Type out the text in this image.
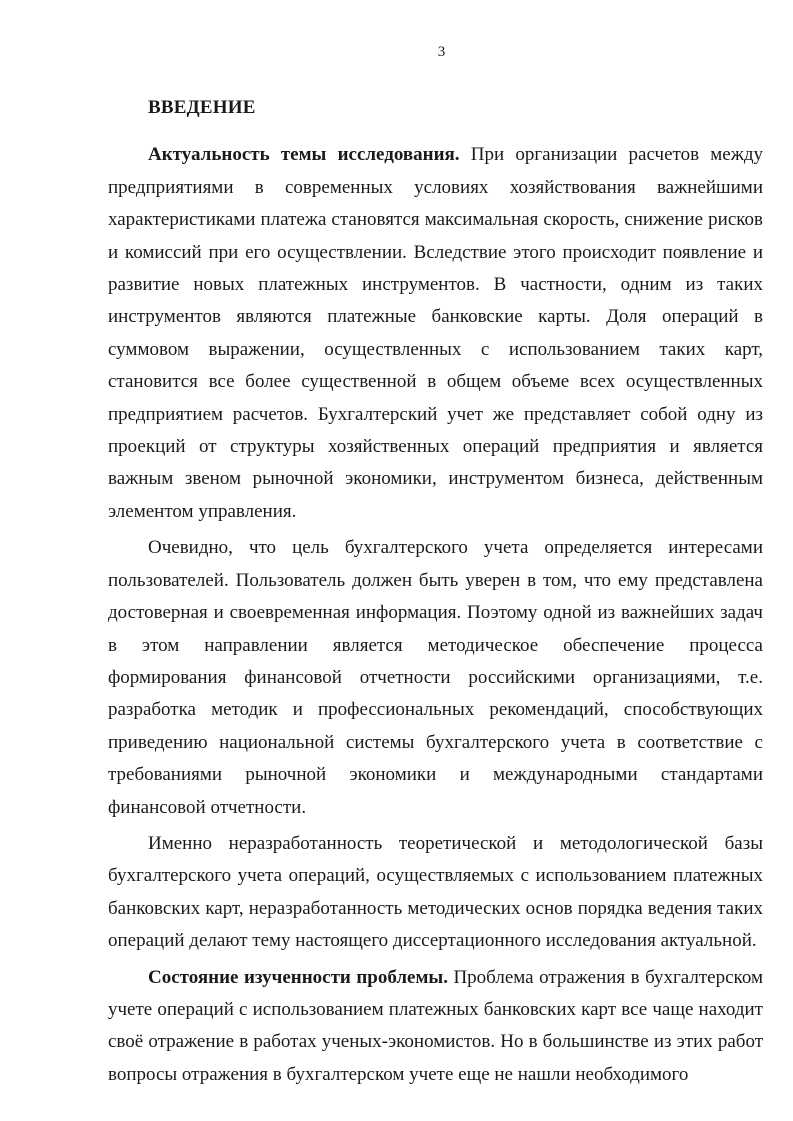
3
ВВЕДЕНИЕ

Актуальность темы исследования. При организации расчетов между предприятиями в современных условиях хозяйствования важнейшими характеристиками платежа становятся максимальная скорость, снижение рисков и комиссий при его осуществлении. Вследствие этого происходит появление и развитие новых платежных инструментов. В частности, одним из таких инструментов являются платежные банковские карты. Доля операций в суммовом выражении, осуществленных с использованием таких карт, становится все более существенной в общем объеме всех осуществленных предприятием расчетов. Бухгалтерский учет же представляет собой одну из проекций от структуры хозяйственных операций предприятия и является важным звеном рыночной экономики, инструментом бизнеса, действенным элементом управления.

Очевидно, что цель бухгалтерского учета определяется интересами пользователей. Пользователь должен быть уверен в том, что ему представлена достоверная и своевременная информация. Поэтому одной из важнейших задач в этом направлении является методическое обеспечение процесса формирования финансовой отчетности российскими организациями, т.е. разработка методик и профессиональных рекомендаций, способствующих приведению национальной системы бухгалтерского учета в соответствие с требованиями рыночной экономики и международными стандартами финансовой отчетности.

Именно неразработанность теоретической и методологической базы бухгалтерского учета операций, осуществляемых с использованием платежных банковских карт, неразработанность методических основ порядка ведения таких операций делают тему настоящего диссертационного исследования актуальной.

Состояние изученности проблемы. Проблема отражения в бухгалтерском учете операций с использованием платежных банковских карт все чаще находит своё отражение в работах ученых-экономистов. Но в большинстве из этих работ вопросы отражения в бухгалтерском учете еще не нашли необходимого
